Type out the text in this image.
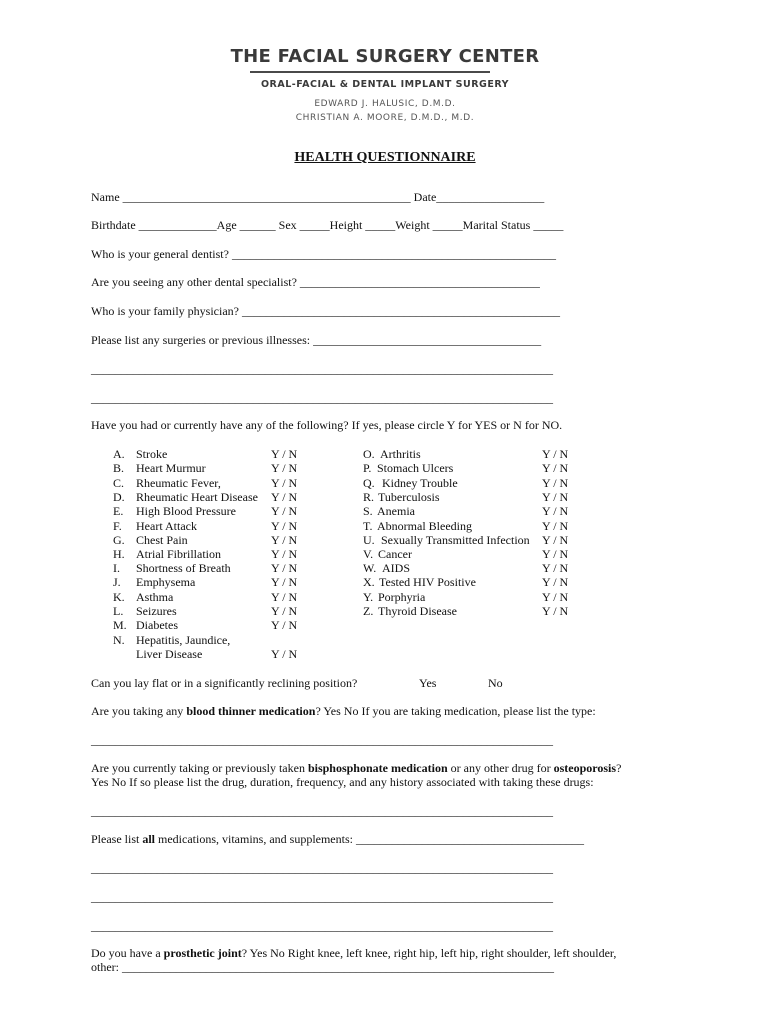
THE FACIAL SURGERY CENTER
ORAL-FACIAL & DENTAL IMPLANT SURGERY
EDWARD J. HALUSIC, D.M.D.
CHRISTIAN A. MOORE, D.M.D., M.D.
HEALTH QUESTIONNAIRE
Name ________________________________________________ Date__________________
Birthdate _____________Age ______ Sex _____Height _____Weight _____Marital Status _____
Who is your general dentist? ______________________________________________________
Are you seeing any other dental specialist? ________________________________________
Who is your family physician? _____________________________________________________
Please list any surgeries or previous illnesses: ______________________________________
_____________________________________________________________________________
_____________________________________________________________________________
Have you had or currently have any of the following? If yes, please circle Y for YES or N for NO.
A. Stroke	Y / N
B. Heart Murmur	Y / N
C. Rheumatic Fever,	Y / N
D. Rheumatic Heart Disease Y / N
E. High Blood Pressure	Y / N
F. Heart Attack	Y / N
G. Chest Pain	Y / N
H. Atrial Fibrillation	Y / N
I. Shortness of Breath	Y / N
J. Emphysema	Y / N
K. Asthma	Y / N
L. Seizures	Y / N
M. Diabetes	Y / N
N. Hepatitis, Jaundice,
Liver Disease	Y / N
O. Arthritis	Y / N
P. Stomach Ulcers	Y / N
Q. Kidney Trouble	Y / N
R. Tuberculosis	Y / N
S. Anemia	Y / N
T. Abnormal Bleeding	Y / N
U. Sexually Transmitted Infection Y / N
V. Cancer	Y / N
W. AIDS	Y / N
X. Tested HIV Positive	Y / N
Y. Porphyria	Y / N
Z. Thyroid Disease	Y / N
Can you lay flat or in a significantly reclining position?	Yes	No
Are you taking any blood thinner medication? Yes No If you are taking medication, please list the type:
_____________________________________________________________________________
Are you currently taking or previously taken bisphosphonate medication or any other drug for osteoporosis?
Yes No If so please list the drug, duration, frequency, and any history associated with taking these drugs:
_____________________________________________________________________________
Please list all medications, vitamins, and supplements: ______________________________________
_____________________________________________________________________________
_____________________________________________________________________________
_____________________________________________________________________________
Do you have a prosthetic joint? Yes No Right knee, left knee, right hip, left hip, right shoulder, left shoulder,
other: ________________________________________________________________________
